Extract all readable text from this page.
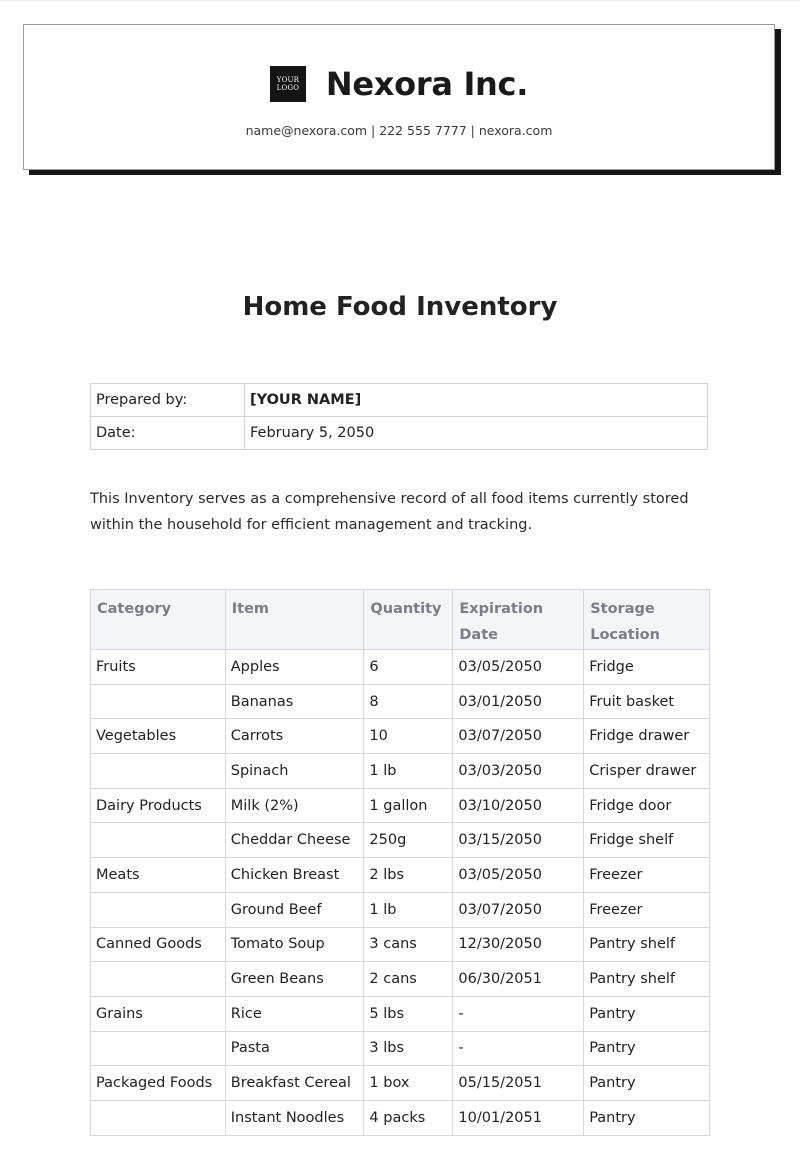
YOUR
LOGO Nexora Inc.
name@nexora.com | 222 555 7777 | nexora.com
Home Food Inventory
Prepared by:	[YOUR NAME]
Date:	February 5, 2050
This Inventory serves as a comprehensive record of all food items currently stored within the household for efficient management and tracking.
Category	Item	Quantity	Expiration Date	Storage Location
Fruits	Apples	6	03/05/2050	Fridge
	Bananas	8	03/01/2050	Fruit basket
Vegetables	Carrots	10	03/07/2050	Fridge drawer
	Spinach	1 lb	03/03/2050	Crisper drawer
Dairy Products	Milk (2%)	1 gallon	03/10/2050	Fridge door
	Cheddar Cheese	250g	03/15/2050	Fridge shelf
Meats	Chicken Breast	2 lbs	03/05/2050	Freezer
	Ground Beef	1 lb	03/07/2050	Freezer
Canned Goods	Tomato Soup	3 cans	12/30/2050	Pantry shelf
	Green Beans	2 cans	06/30/2051	Pantry shelf
Grains	Rice	5 lbs	-	Pantry
	Pasta	3 lbs	-	Pantry
Packaged Foods	Breakfast Cereal	1 box	05/15/2051	Pantry
	Instant Noodles	4 packs	10/01/2051	Pantry
